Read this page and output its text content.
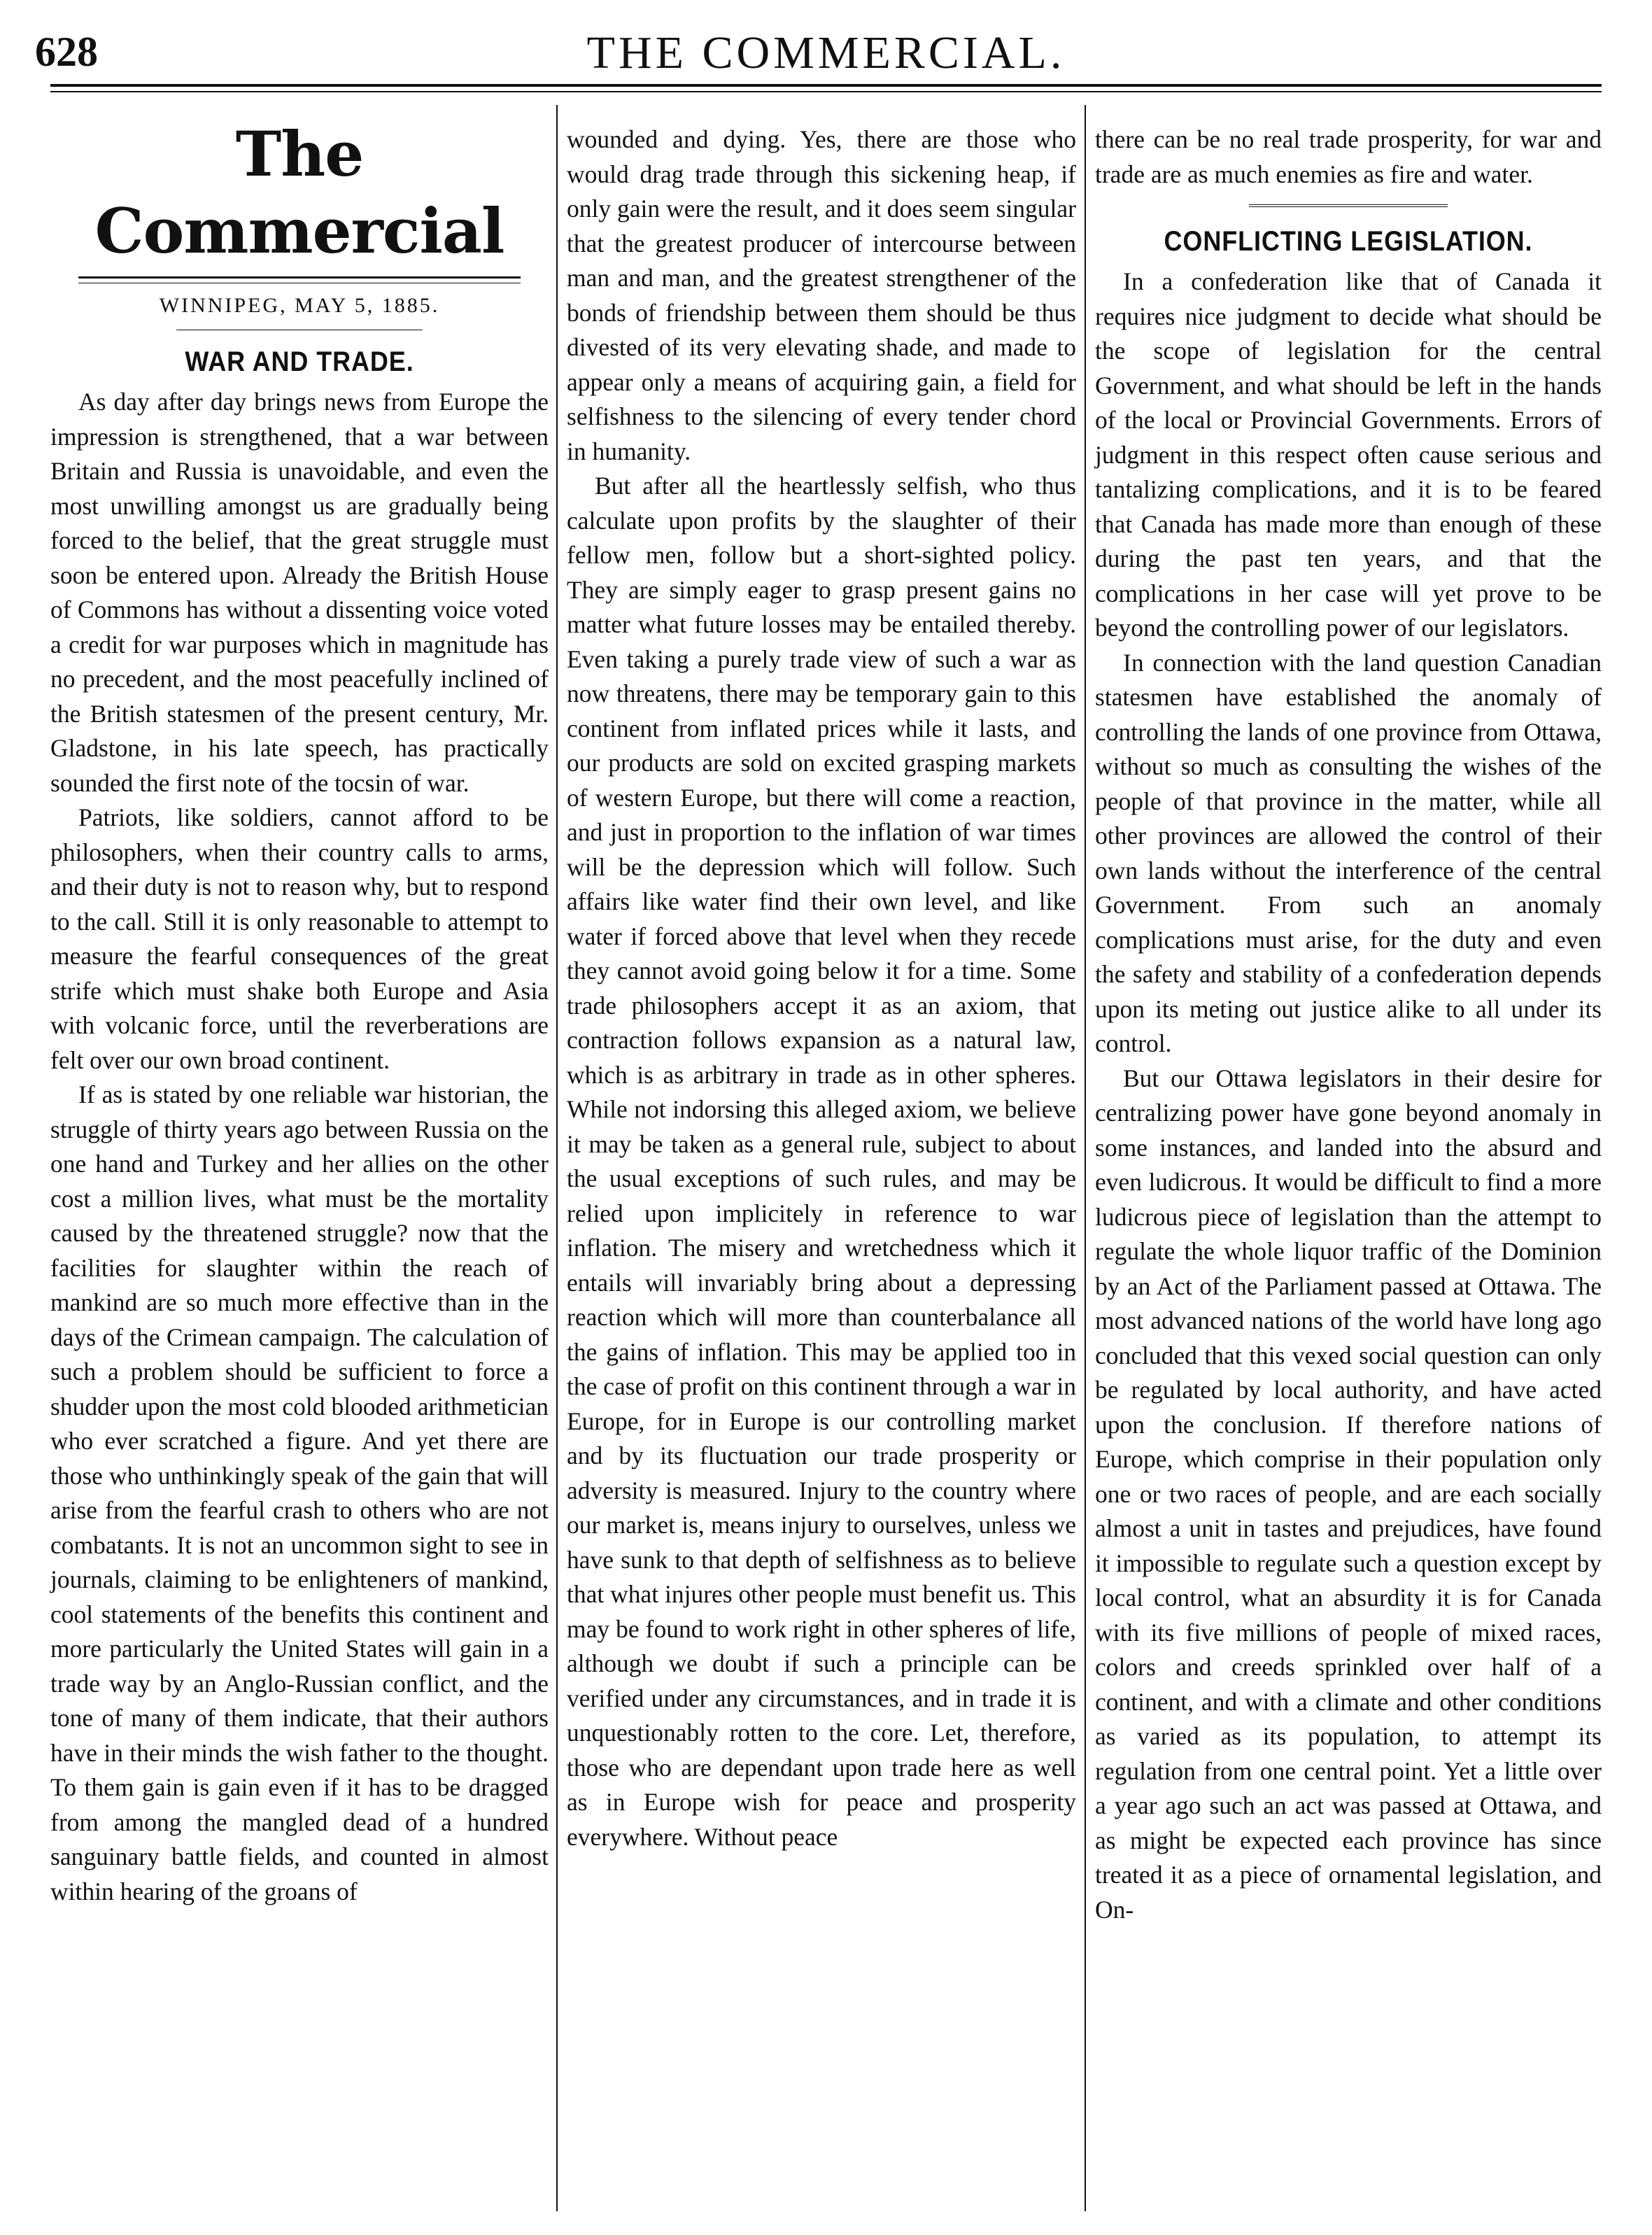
628	THE COMMERCIAL.
The Commercial
WINNIPEG, MAY 5, 1885.
WAR AND TRADE.

As day after day brings news from Europe the impression is strengthened, that a war between Britain and Russia is unavoidable, and even the most unwilling amongst us are gradually being forced to the belief, that the great struggle must soon be entered upon. Already the British House of Commons has without a dissenting voice voted a credit for war purposes which in magnitude has no precedent, and the most peacefully inclined of the British statesmen of the present century, Mr. Gladstone, in his late speech, has practically sounded the first note of the tocsin of war.

Patriots, like soldiers, cannot afford to be philosophers, when their country calls to arms, and their duty is not to reason why, but to respond to the call. Still it is only reasonable to attempt to measure the fearful consequences of the great strife which must shake both Europe and Asia with volcanic force, until the reverberations are felt over our own broad continent.

If as is stated by one reliable war historian, the struggle of thirty years ago between Russia on the one hand and Turkey and her allies on the other cost a million lives, what must be the mortality caused by the threatened struggle? now that the facilities for slaughter within the reach of mankind are so much more effective than in the days of the Crimean campaign. The calculation of such a problem should be sufficient to force a shudder upon the most cold blooded arithmetician who ever scratched a figure. And yet there are those who unthinkingly speak of the gain that will arise from the fearful crash to others who are not combatants. It is not an uncommon sight to see in journals, claiming to be enlighteners of mankind, cool statements of the benefits this continent and more particularly the United States will gain in a trade way by an Anglo-Russian conflict, and the tone of many of them indicate, that their authors have in their minds the wish father to the thought. To them gain is gain even if it has to be dragged from among the mangled dead of a hundred sanguinary battle fields, and counted in almost within hearing of the groans of

wounded and dying. Yes, there are those who would drag trade through this sickening heap, if only gain were the result, and it does seem singular that the greatest producer of intercourse between man and man, and the greatest strengthener of the bonds of friendship between them should be thus divested of its very elevating shade, and made to appear only a means of acquiring gain, a field for selfishness to the silencing of every tender chord in humanity.

But after all the heartlessly selfish, who thus calculate upon profits by the slaughter of their fellow men, follow but a short-sighted policy. They are simply eager to grasp present gains no matter what future losses may be entailed thereby. Even taking a purely trade view of such a war as now threatens, there may be temporary gain to this continent from inflated prices while it lasts, and our products are sold on excited grasping markets of western Europe, but there will come a reaction, and just in proportion to the inflation of war times will be the depression which will follow. Such affairs like water find their own level, and like water if forced above that level when they recede they cannot avoid going below it for a time. Some trade philosophers accept it as an axiom, that contraction follows expansion as a natural law, which is as arbitrary in trade as in other spheres. While not indorsing this alleged axiom, we believe it may be taken as a general rule, subject to about the usual exceptions of such rules, and may be relied upon implicitely in reference to war inflation. The misery and wretchedness which it entails will invariably bring about a depressing reaction which will more than counterbalance all the gains of inflation. This may be applied too in the case of profit on this continent through a war in Europe, for in Europe is our controlling market and by its fluctuation our trade prosperity or adversity is measured. Injury to the country where our market is, means injury to ourselves, unless we have sunk to that depth of selfishness as to believe that what injures other people must benefit us. This may be found to work right in other spheres of life, although we doubt if such a principle can be verified under any circumstances, and in trade it is unquestionably rotten to the core. Let, therefore, those who are dependant upon trade here as well as in Europe wish for peace and prosperity everywhere. Without peace

there can be no real trade prosperity, for war and trade are as much enemies as fire and water.

CONFLICTING LEGISLATION.

In a confederation like that of Canada it requires nice judgment to decide what should be the scope of legislation for the central Government, and what should be left in the hands of the local or Provincial Governments. Errors of judgment in this respect often cause serious and tantalizing complications, and it is to be feared that Canada has made more than enough of these during the past ten years, and that the complications in her case will yet prove to be beyond the controlling power of our legislators.

In connection with the land question Canadian statesmen have established the anomaly of controlling the lands of one province from Ottawa, without so much as consulting the wishes of the people of that province in the matter, while all other provinces are allowed the control of their own lands without the interference of the central Government. From such an anomaly complications must arise, for the duty and even the safety and stability of a confederation depends upon its meting out justice alike to all under its control.

But our Ottawa legislators in their desire for centralizing power have gone beyond anomaly in some instances, and landed into the absurd and even ludicrous. It would be difficult to find a more ludicrous piece of legislation than the attempt to regulate the whole liquor traffic of the Dominion by an Act of the Parliament passed at Ottawa. The most advanced nations of the world have long ago concluded that this vexed social question can only be regulated by local authority, and have acted upon the conclusion. If therefore nations of Europe, which comprise in their population only one or two races of people, and are each socially almost a unit in tastes and prejudices, have found it impossible to regulate such a question except by local control, what an absurdity it is for Canada with its five millions of people of mixed races, colors and creeds sprinkled over half of a continent, and with a climate and other conditions as varied as its population, to attempt its regulation from one central point. Yet a little over a year ago such an act was passed at Ottawa, and as might be expected each province has since treated it as a piece of ornamental legislation, and On-
